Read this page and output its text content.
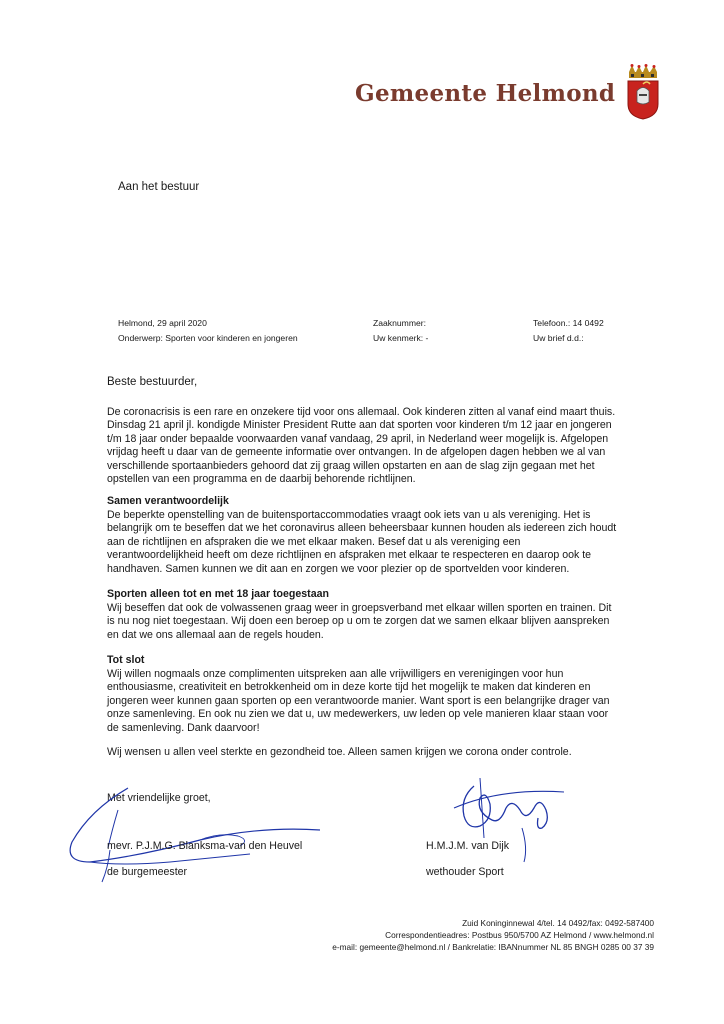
Gemeente Helmond
Aan het bestuur
Helmond, 29 april 2020
Onderwerp: Sporten voor kinderen en jongeren
Zaaknummer:
Uw kenmerk: -
Telefoon.: 14 0492
Uw brief d.d.:
Beste bestuurder,
De coronacrisis is een rare en onzekere tijd voor ons allemaal. Ook kinderen zitten al vanaf eind maart thuis.
Dinsdag 21 april jl. kondigde Minister President Rutte aan dat sporten voor kinderen t/m 12 jaar en jongeren
t/m 18 jaar onder bepaalde voorwaarden vanaf vandaag, 29 april, in Nederland weer mogelijk is. Afgelopen
vrijdag heeft u daar van de gemeente informatie over ontvangen. In de afgelopen dagen hebben we al van
verschillende sportaanbieders gehoord dat zij graag willen opstarten en aan de slag zijn gegaan met het
opstellen van een programma en de daarbij behorende richtlijnen.
Samen verantwoordelijk
De beperkte openstelling van de buitensportaccommodaties vraagt ook iets van u als vereniging. Het is
belangrijk om te beseffen dat we het coronavirus alleen beheersbaar kunnen houden als iedereen zich houdt
aan de richtlijnen en afspraken die we met elkaar maken. Besef dat u als vereniging een
verantwoordelijkheid heeft om deze richtlijnen en afspraken met elkaar te respecteren en daarop ook te
handhaven. Samen kunnen we dit aan en zorgen we voor plezier op de sportvelden voor kinderen.
Sporten alleen tot en met 18 jaar toegestaan
Wij beseffen dat ook de volwassenen graag weer in groepsverband met elkaar willen sporten en trainen. Dit
is nu nog niet toegestaan. Wij doen een beroep op u om te zorgen dat we samen elkaar blijven aanspreken
en dat we ons allemaal aan de regels houden.
Tot slot
Wij willen nogmaals onze complimenten uitspreken aan alle vrijwilligers en verenigingen voor hun
enthousiasme, creativiteit en betrokkenheid om in deze korte tijd het mogelijk te maken dat kinderen en
jongeren weer kunnen gaan sporten op een verantwoorde manier. Want sport is een belangrijke drager van
onze samenleving. En ook nu zien we dat u, uw medewerkers, uw leden op vele manieren klaar staan voor
de samenleving. Dank daarvoor!
Wij wensen u allen veel sterkte en gezondheid toe. Alleen samen krijgen we corona onder controle.
Met vriendelijke groet,
mevr. P.J.M.G. Blanksma-van den Heuvel
de burgemeester
H.M.J.M. van Dijk
wethouder Sport
Zuid Koninginnewal 4/tel. 14 0492/fax: 0492-587400
Correspondentieadres: Postbus 950/5700 AZ Helmond / www.helmond.nl
e-mail: gemeente@helmond.nl / Bankrelatie: IBANnummer NL 85 BNGH 0285 00 37 39
